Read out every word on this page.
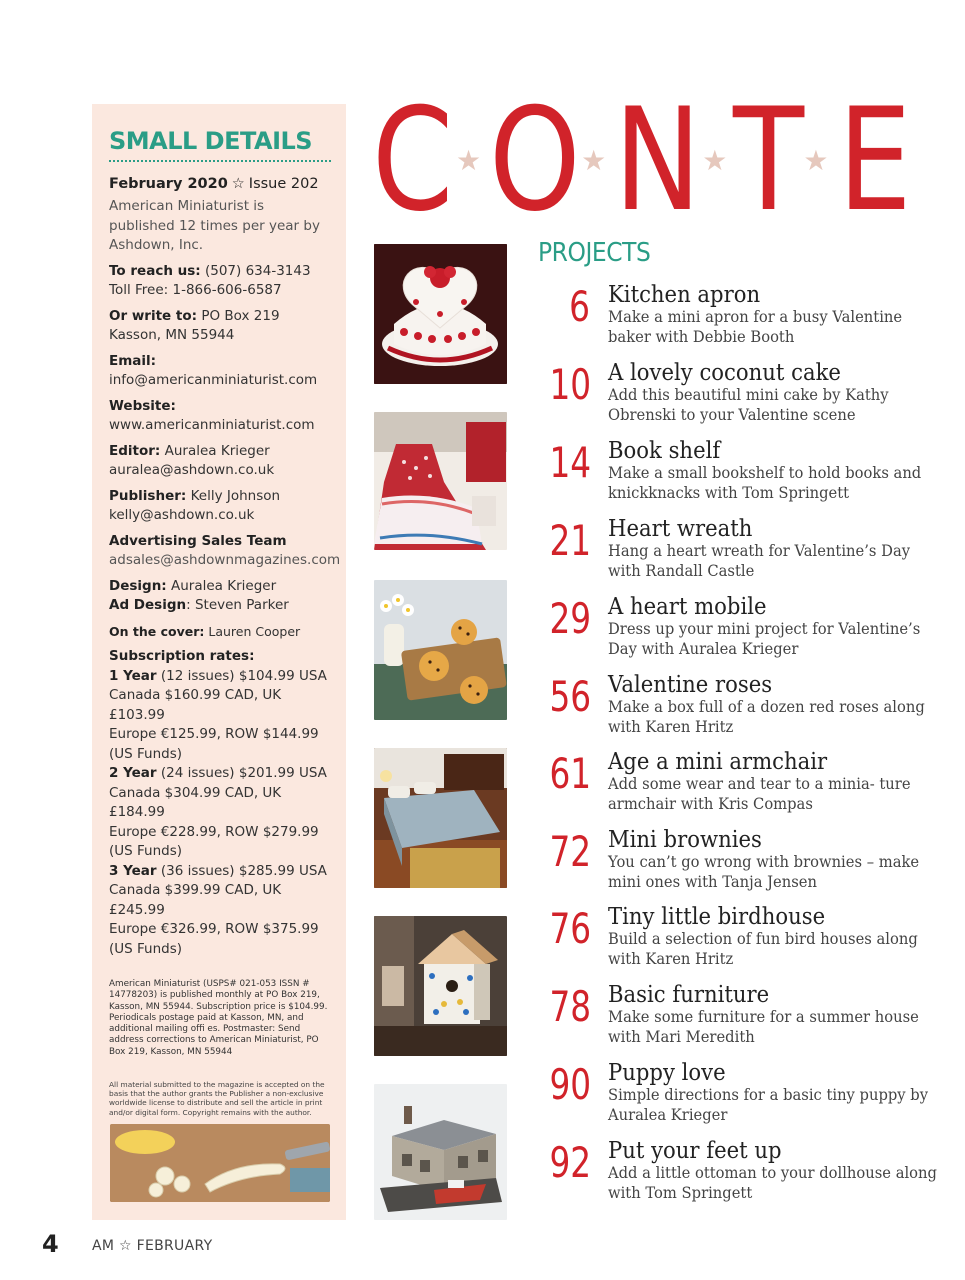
SMALL DETAILS
February 2020 ☆ Issue 202
American Miniaturist is published 12 times per year by Ashdown, Inc.
To reach us: (507) 634-3143
Toll Free: 1-866-606-6587
Or write to: PO Box 219
Kasson, MN 55944
Email:
info@americanminiaturist.com
Website:
www.americanminiaturist.com
Editor: Auralea Krieger
auralea@ashdown.co.uk
Publisher: Kelly Johnson
kelly@ashdown.co.uk
Advertising Sales Team
adsales@ashdownmagazines.com
Design: Auralea Krieger
Ad Design: Steven Parker
On the cover: Lauren Cooper
Subscription rates:
1 Year (12 issues) $104.99 USA
Canada $160.99 CAD, UK £103.99
Europe €125.99, ROW $144.99
(US Funds)
2 Year (24 issues) $201.99 USA
Canada $304.99 CAD, UK £184.99
Europe €228.99, ROW $279.99
(US Funds)
3 Year (36 issues) $285.99 USA
Canada $399.99 CAD, UK £245.99
Europe €326.99, ROW $375.99
(US Funds)
American Miniaturist (USPS# 021-053 ISSN # 14778203) is published monthly at PO Box 219, Kasson, MN 55944. Subscription price is $104.99. Periodicals postage paid at Kasson, MN, and additional mailing offi es. Postmaster: Send address corrections to American Miniaturist, PO Box 219, Kasson, MN 55944
All material submitted to the magazine is accepted on the basis that the author grants the Publisher a non-exclusive worldwide license to distribute and sell the article in print and/or digital form. Copyright remains with the author.
C★O★N★T★E
PROJECTS
6 Kitchen apron
Make a mini apron for a busy Valentine baker with Debbie Booth
10 A lovely coconut cake
Add this beautiful mini cake by Kathy Obrenski to your Valentine scene
14 Book shelf
Make a small bookshelf to hold books and knickknacks with Tom Springett
21 Heart wreath
Hang a heart wreath for Valentine’s Day with Randall Castle
29 A heart mobile
Dress up your mini project for Valentine’s Day with Auralea Krieger
56 Valentine roses
Make a box full of a dozen red roses along with Karen Hritz
61 Age a mini armchair
Add some wear and tear to a minia- ture armchair with Kris Compas
72 Mini brownies
You can’t go wrong with brownies – make mini ones with Tanja Jensen
76 Tiny little birdhouse
Build a selection of fun bird houses along with Karen Hritz
78 Basic furniture
Make some furniture for a summer house with Mari Meredith
90 Puppy love
Simple directions for a basic tiny puppy by Auralea Krieger
92 Put your feet up
Add a little ottoman to your dollhouse along with Tom Springett
4 AM ☆ FEBRUARY
